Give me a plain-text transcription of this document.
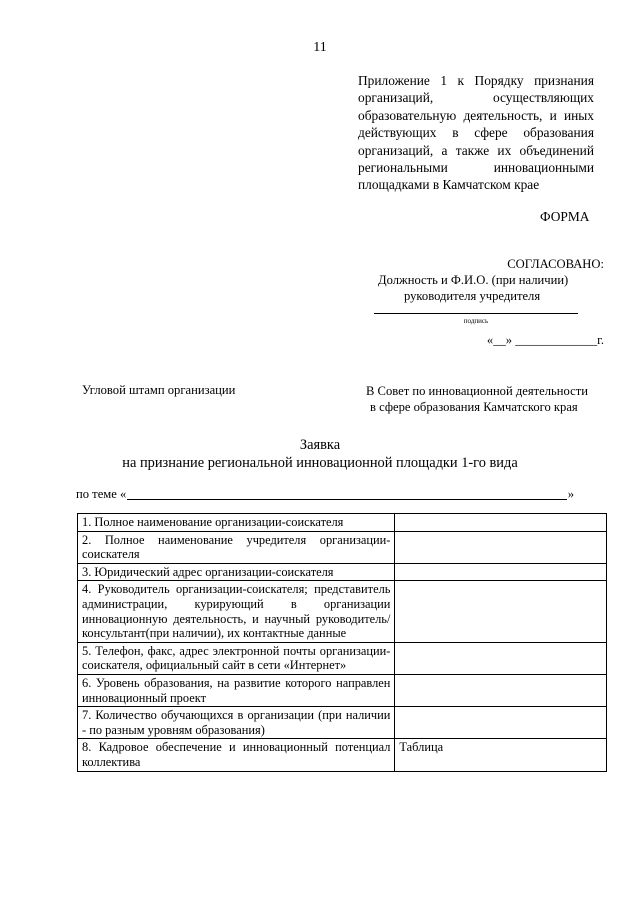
11
Приложение 1 к Порядку признания организаций, осуществляющих образовательную деятельность, и иных действующих в сфере образования организаций, а также их объединений региональными инновационными площадками в Камчатском крае
ФОРМА
СОГЛАСОВАНО:
Должность и Ф.И.О. (при наличии)
руководителя учредителя
подпись
«__» _____________г.
Угловой штамп организации	В Совет по инновационной деятельности
в сфере образования Камчатского края
Заявка
на признание региональной инновационной площадки 1-го вида
по теме «	»
1. Полное наименование организации-соискателя	
2. Полное наименование учредителя организации-соискателя	
3. Юридический адрес организации-соискателя	
4. Руководитель организации-соискателя; представитель администрации, курирующий в организации инновационную деятельность, и научный руководитель/консультант(при наличии), их контактные данные	
5. Телефон, факс, адрес электронной почты организации-соискателя, официальный сайт в сети «Интернет»	
6. Уровень образования, на развитие которого направлен инновационный проект	
7. Количество обучающихся в организации (при наличии - по разным уровням образования)	
8. Кадровое обеспечение и инновационный потенциал коллектива	Таблица
